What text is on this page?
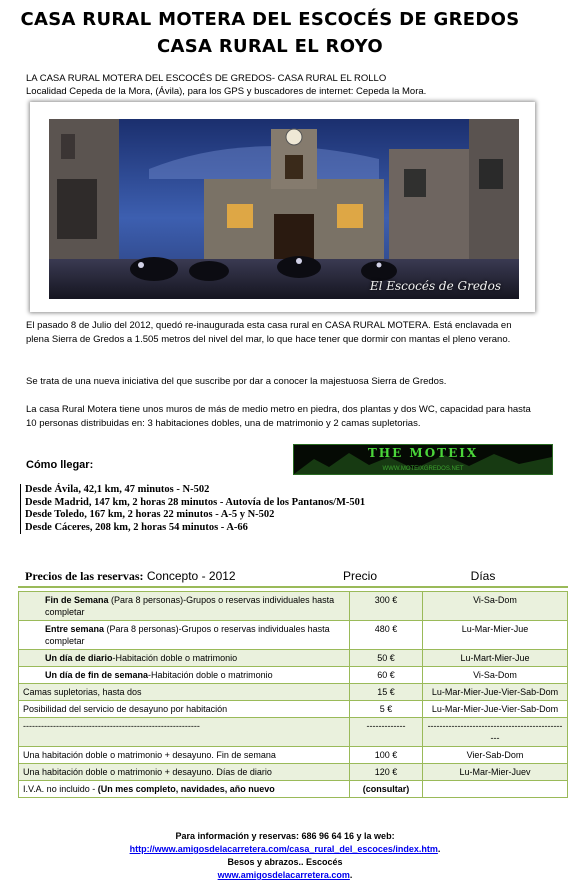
CASA RURAL MOTERA DEL ESCOCÉS DE GREDOS
CASA RURAL EL ROYO
LA CASA RURAL MOTERA DEL ESCOCÉS DE GREDOS- CASA RURAL EL ROLLO
Localidad Cepeda de la Mora, (Ávila), para los GPS y buscadores de internet: Cepeda la Mora.
El Escocés de Gredos
El pasado 8 de Julio del 2012, quedó re-inaugurada esta casa rural en CASA RURAL MOTERA. Está enclavada en plena Sierra de Gredos a 1.505 metros del nivel del mar, lo que hace tener que dormir con mantas el pleno verano.
Se trata de una nueva iniciativa del que suscribe por dar a conocer la majestuosa Sierra de Gredos.
La casa Rural Motera tiene unos muros de más de medio metro en piedra, dos plantas y dos WC, capacidad para hasta 10 personas distribuidas en: 3 habitaciones dobles, una de matrimonio y 2 camas supletorias.
Cómo llegar:
THE MOTEIX
WWW.MOTEIXGREDOS.NET
Desde Ávila, 42,1 km, 47 minutos - N-502
Desde Madrid, 147 km, 2 horas 28 minutos - Autovía de los Pantanos/M-501
Desde Toledo, 167 km, 2 horas 22 minutos - A-5 y N-502
Desde Cáceres, 208 km, 2 horas 54 minutos - A-66
Precios de las reservas: Concepto - 2012	Precio	Días
Fin de Semana (Para 8 personas)-Grupos o reservas individuales hasta completar	300 €	Vi-Sa-Dom
Entre semana (Para 8 personas)-Grupos o reservas individuales hasta completar	480 €	Lu-Mar-Mier-Jue
Un día de diario-Habitación doble o matrimonio	50 €	Lu-Mart-Mier-Jue
Un día de fin de semana-Habitación doble o matrimonio	60 €	Vi-Sa-Dom
Camas supletorias, hasta dos	15 €	Lu-Mar-Mier-Jue-Vier-Sab-Dom
Posibilidad del servicio de desayuno por habitación	5 €	Lu-Mar-Mier-Jue-Vier-Sab-Dom
-----------------------------------------------------------	-------------	------------------------------------------------
Una habitación doble o matrimonio + desayuno. Fin de semana	100 €	Vier-Sab-Dom
Una habitación doble o matrimonio + desayuno. Días de diario	120 €	Lu-Mar-Mier-Juev
I.V.A. no incluido - (Un mes completo, navidades, año nuevo	(consultar)	
Para información y reservas: 686 96 64 16 y la web:
http://www.amigosdelacarretera.com/casa_rural_del_escoces/index.htm.
Besos y abrazos.. Escocés
www.amigosdelacarretera.com.
